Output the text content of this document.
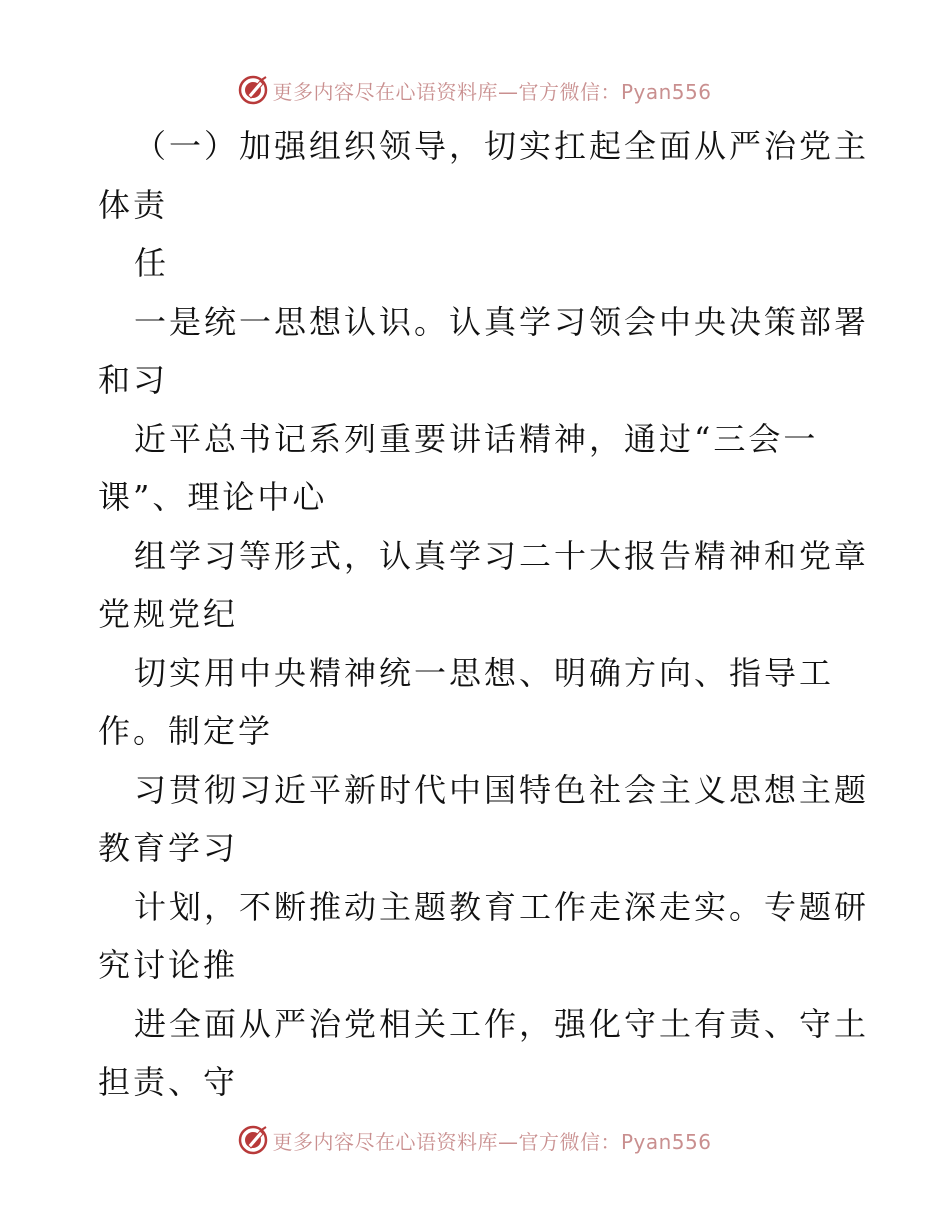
更多内容尽在心语资料库—官方微信：Pyan556
（一）加强组织领导，切实扛起全面从严治党主
体责
任
一是统一思想认识。认真学习领会中央决策部署
和习
近平总书记系列重要讲话精神，通过“三会一
课”、理论中心
组学习等形式，认真学习二十大报告精神和党章
党规党纪
切实用中央精神统一思想、明确方向、指导工
作。制定学
习贯彻习近平新时代中国特色社会主义思想主题
教育学习
计划，不断推动主题教育工作走深走实。专题研
究讨论推
进全面从严治党相关工作，强化守土有责、守土
担责、守
更多内容尽在心语资料库—官方微信：Pyan556
